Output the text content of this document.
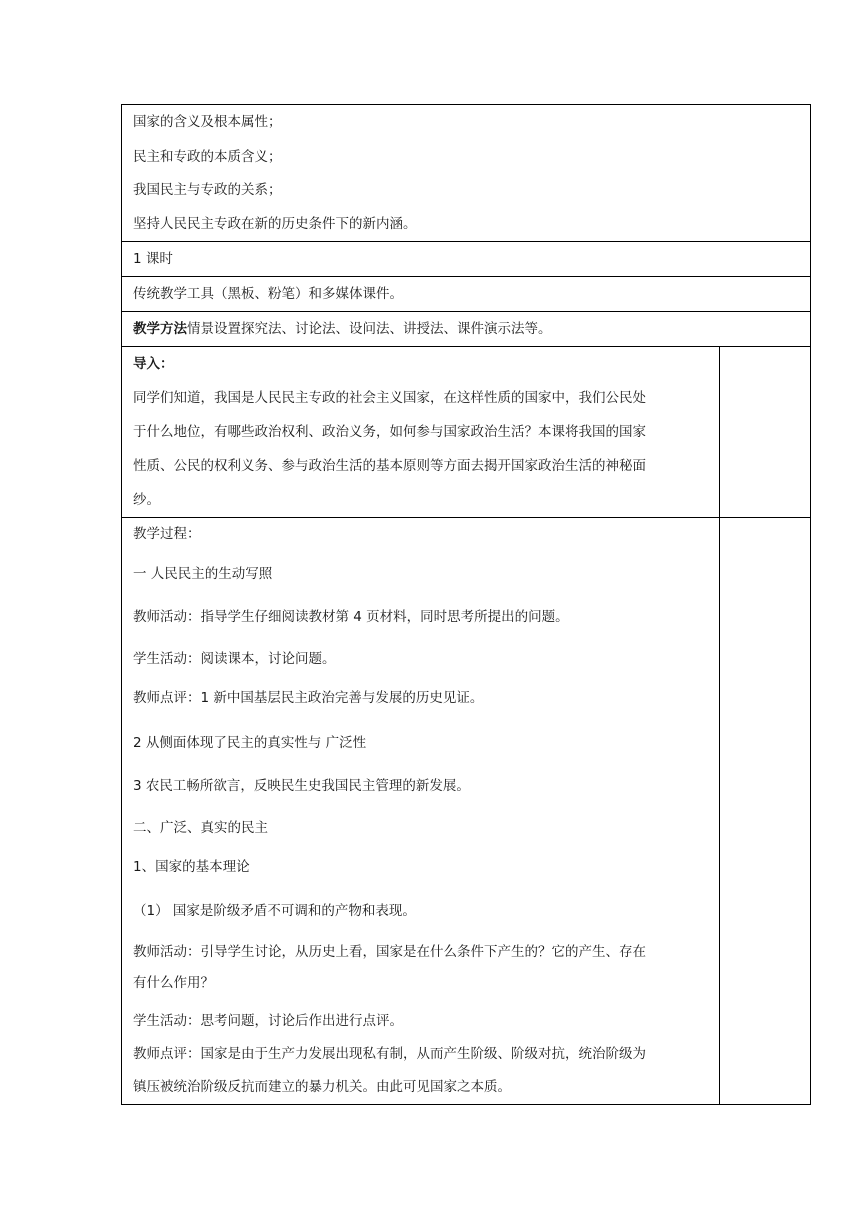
国家的含义及根本属性；
民主和专政的本质含义；
我国民主与专政的关系；
坚持人民民主专政在新的历史条件下的新内涵。
1 课时
传统教学工具（黑板、粉笔）和多媒体课件。
教学方法情景设置探究法、讨论法、设问法、讲授法、课件演示法等。
导入：
同学们知道，我国是人民民主专政的社会主义国家，在这样性质的国家中，我们公民处
于什么地位，有哪些政治权利、政治义务，如何参与国家政治生活？本课将我国的国家
性质、公民的权利义务、参与政治生活的基本原则等方面去揭开国家政治生活的神秘面
纱。
教学过程：
一 人民民主的生动写照
教师活动：指导学生仔细阅读教材第 4 页材料，同时思考所提出的问题。
学生活动：阅读课本，讨论问题。
教师点评：1 新中国基层民主政治完善与发展的历史见证。
2 从侧面体现了民主的真实性与 广泛性
3 农民工畅所欲言，反映民生史我国民主管理的新发展。
二、广泛、真实的民主
1、国家的基本理论
（1） 国家是阶级矛盾不可调和的产物和表现。
教师活动：引导学生讨论，从历史上看，国家是在什么条件下产生的？它的产生、存在
有什么作用？
学生活动：思考问题，讨论后作出进行点评。
教师点评：国家是由于生产力发展出现私有制，从而产生阶级、阶级对抗，统治阶级为
镇压被统治阶级反抗而建立的暴力机关。由此可见国家之本质。
